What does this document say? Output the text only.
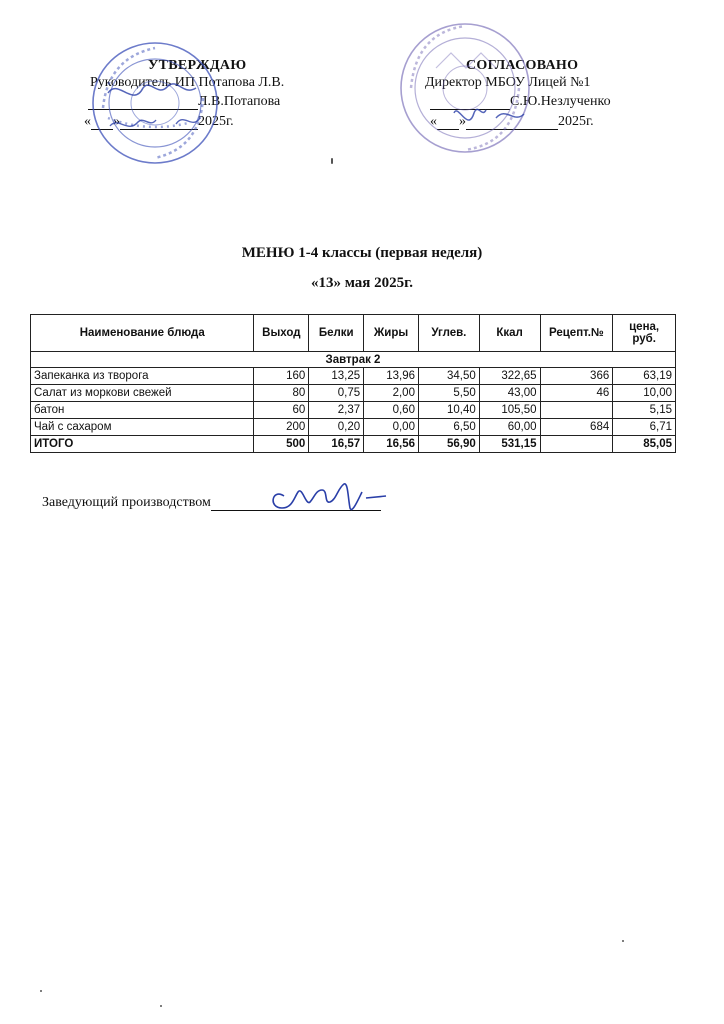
УТВЕРЖДАЮ
Руководитель ИП Потапова Л.В.
Л.В.Потапова
« »	2025г.
СОГЛАСОВАНО
Директор МБОУ Лицей №1
С.Ю.Незлученко
« »	2025г.
МЕНЮ 1-4 классы (первая неделя)
«13» мая 2025г.
Наименование блюда	Выход	Белки	Жиры	Углев.	Ккал	Рецепт.№	цена, руб.
Завтрак 2							
Запеканка из творога	160	13,25	13,96	34,50	322,65	366	63,19
Салат из моркови свежей	80	0,75	2,00	5,50	43,00	46	10,00
батон	60	2,37	0,60	10,40	105,50		5,15
Чай с сахаром	200	0,20	0,00	6,50	60,00	684	6,71
ИТОГО	500	16,57	16,56	56,90	531,15		85,05
Заведующий производством
